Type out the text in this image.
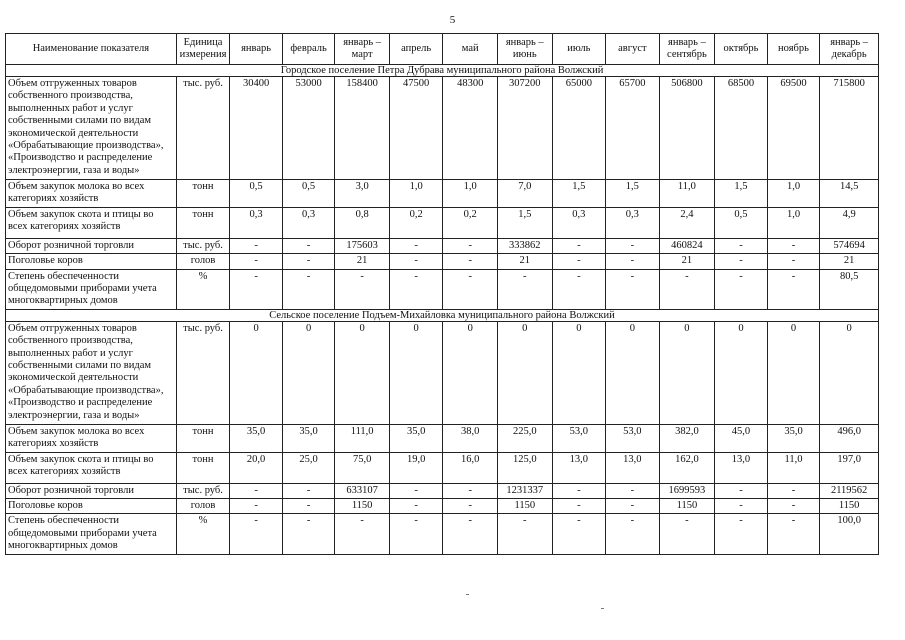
5
Наименование показателя	Единица измерения	январь	февраль	январь – март	апрель	май	январь – июнь	июль	август	январь – сентябрь	октябрь	ноябрь	январь – декабрь
Городское поселение Петра Дубрава муниципального района Волжский													
Объем отгруженных товаров собственного производства, выполненных работ и услуг собственными силами по видам экономической деятельности «Обрабатывающие производства», «Производство и распределение электроэнергии, газа и воды»	тыс. руб.	30400	53000	158400	47500	48300	307200	65000	65700	506800	68500	69500	715800
Объем закупок молока во всех категориях хозяйств	тонн	0,5	0,5	3,0	1,0	1,0	7,0	1,5	1,5	11,0	1,5	1,0	14,5
Объем закупок скота и птицы во всех категориях хозяйств	тонн	0,3	0,3	0,8	0,2	0,2	1,5	0,3	0,3	2,4	0,5	1,0	4,9
Оборот розничной торговли	тыс. руб.	-	-	175603	-	-	333862	-	-	460824	-	-	574694
Поголовье коров	голов	-	-	21	-	-	21	-	-	21	-	-	21
Степень обеспеченности общедомовыми приборами учета многоквартирных домов	%	-	-	-	-	-	-	-	-	-	-	-	80,5
Сельское поселение Подъем-Михайловка муниципального района Волжский													
Объем отгруженных товаров собственного производства, выполненных работ и услуг собственными силами по видам экономической деятельности «Обрабатывающие производства», «Производство и распределение электроэнергии, газа и воды»	тыс. руб.	0	0	0	0	0	0	0	0	0	0	0	0
Объем закупок молока во всех категориях хозяйств	тонн	35,0	35,0	111,0	35,0	38,0	225,0	53,0	53,0	382,0	45,0	35,0	496,0
Объем закупок скота и птицы во всех категориях хозяйств	тонн	20,0	25,0	75,0	19,0	16,0	125,0	13,0	13,0	162,0	13,0	11,0	197,0
Оборот розничной торговли	тыс. руб.	-	-	633107	-	-	1231337	-	-	1699593	-	-	2119562
Поголовье коров	голов	-	-	1150	-	-	1150	-	-	1150	-	-	1150
Степень обеспеченности общедомовыми приборами учета многоквартирных домов	%	-	-	-	-	-	-	-	-	-	-	-	100,0
